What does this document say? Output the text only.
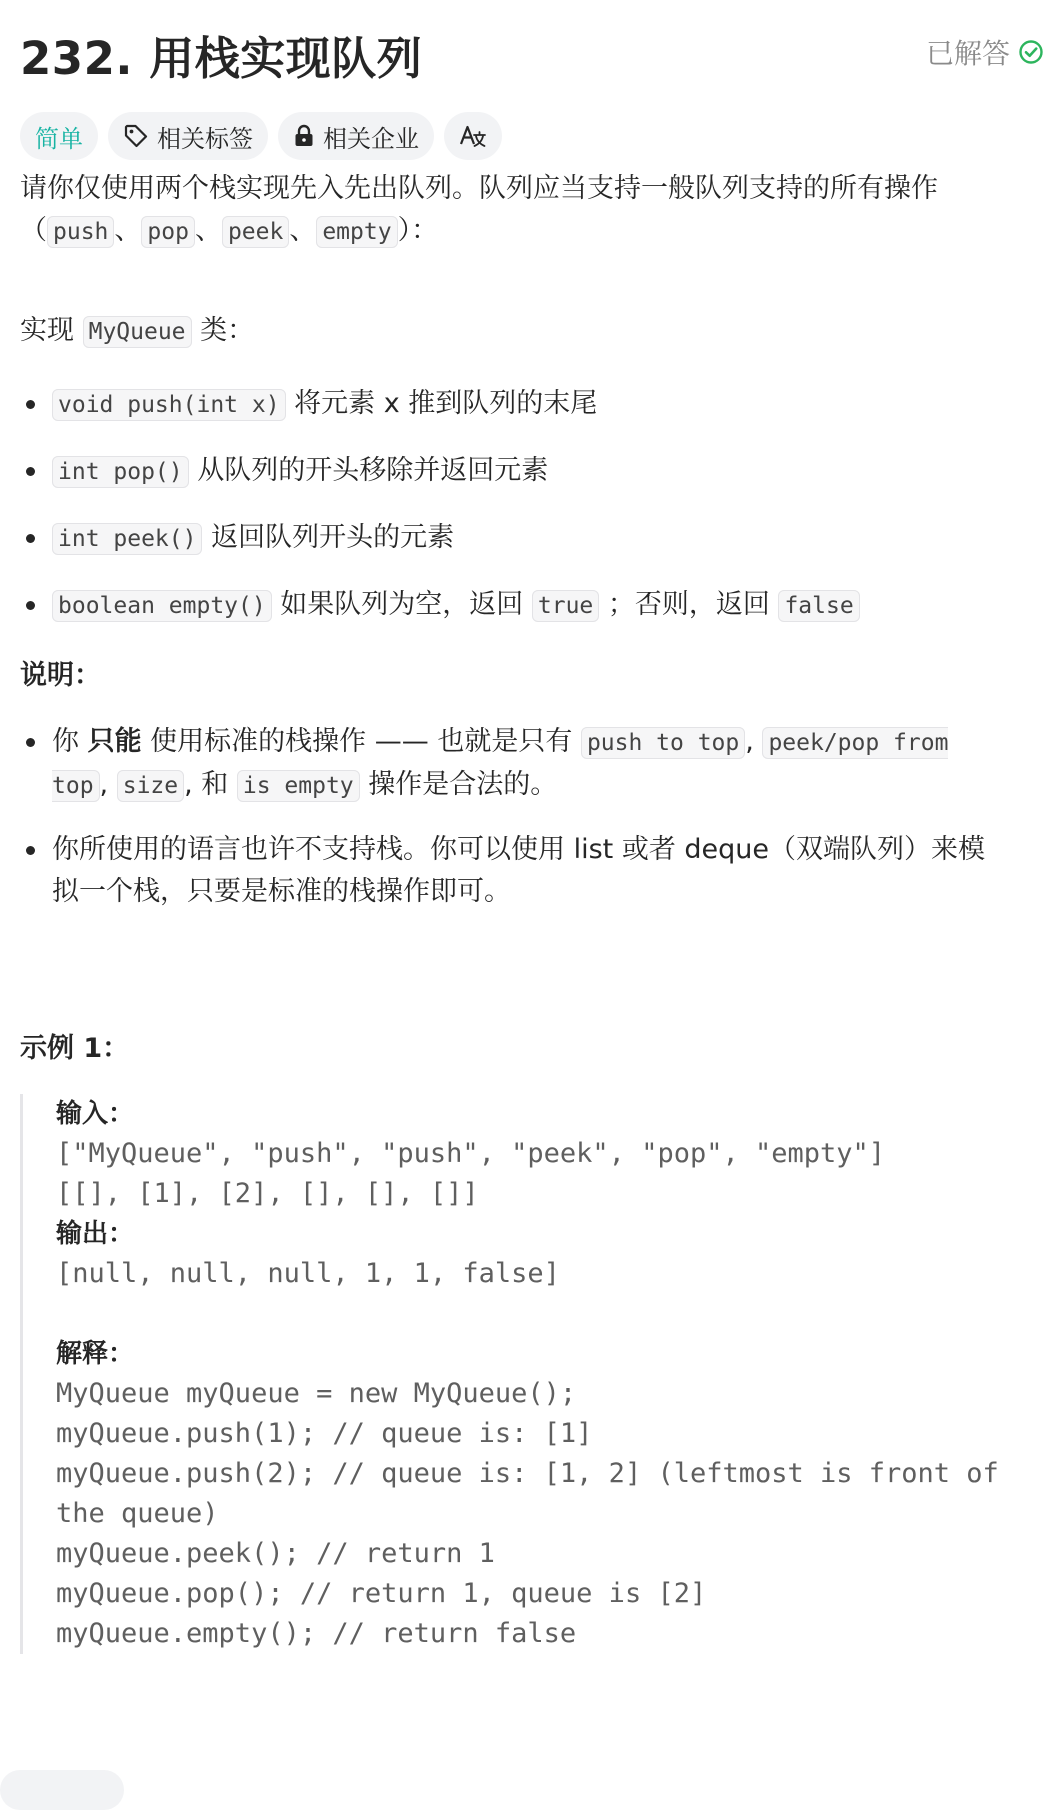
232. 用栈实现队列	已解答
简单	相关标签	相关企业
请你仅使用两个栈实现先入先出队列。队列应当支持一般队列支持的所有操作
（ push 、 pop 、 peek 、 empty ）：
实现 MyQueue 类：
void push(int x) 将元素 x 推到队列的末尾
int pop() 从队列的开头移除并返回元素
int peek() 返回队列开头的元素
boolean empty() 如果队列为空，返回 true ；否则，返回 false
说明：
你 只能 使用标准的栈操作 —— 也就是只有 push to top , peek/pop from top , size , 和 is empty 操作是合法的。
你所使用的语言也许不支持栈。你可以使用 list 或者 deque（双端队列）来模拟一个栈，只要是标准的栈操作即可。
示例 1：
输入：
["MyQueue", "push", "push", "peek", "pop", "empty"]
[[], [1], [2], [], [], []]
输出：
[null, null, null, 1, 1, false]

解释：
MyQueue myQueue = new MyQueue();
myQueue.push(1); // queue is: [1]
myQueue.push(2); // queue is: [1, 2] (leftmost is front of
the queue)
myQueue.peek(); // return 1
myQueue.pop(); // return 1, queue is [2]
myQueue.empty(); // return false
